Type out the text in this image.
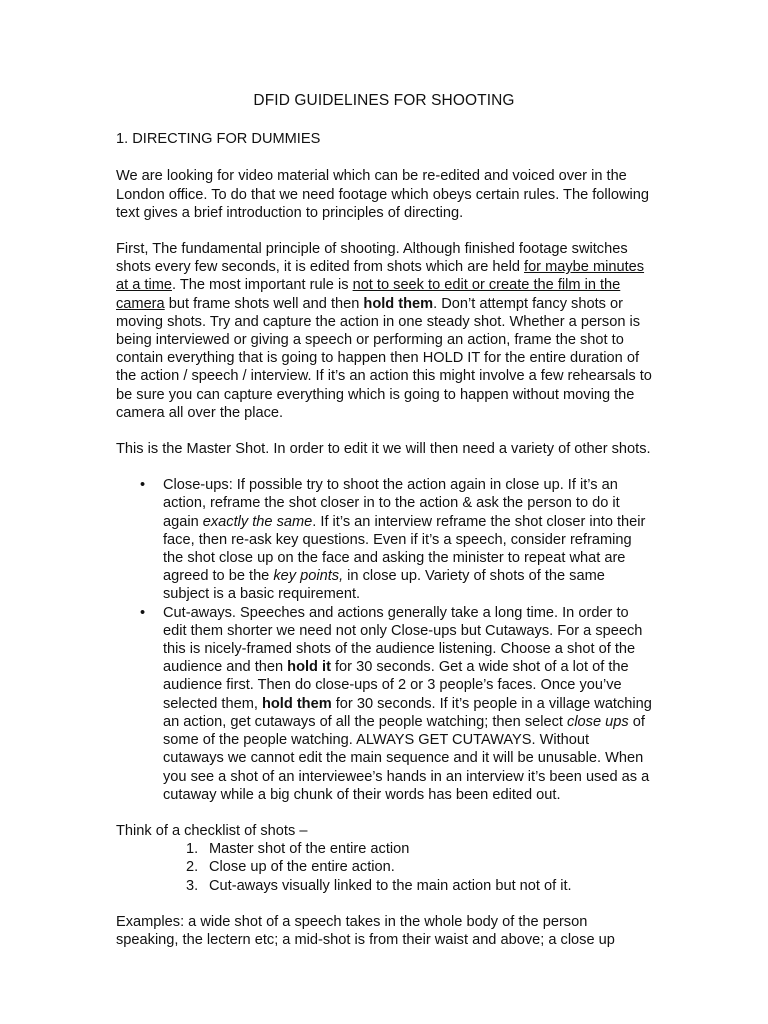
DFID GUIDELINES FOR SHOOTING

1. DIRECTING FOR DUMMIES

We are looking for video material which can be re-edited and voiced over in the London office. To do that we need footage which obeys certain rules. The following text gives a brief introduction to principles of directing.

First, The fundamental principle of shooting. Although finished footage switches shots every few seconds, it is edited from shots which are held for maybe minutes at a time. The most important rule is not to seek to edit or create the film in the camera but frame shots well and then hold them. Don’t attempt fancy shots or moving shots. Try and capture the action in one steady shot. Whether a person is being interviewed or giving a speech or performing an action, frame the shot to contain everything that is going to happen then HOLD IT for the entire duration of the action / speech / interview. If it’s an action this might involve a few rehearsals to be sure you can capture everything which is going to happen without moving the camera all over the place.

This is the Master Shot. In order to edit it we will then need a variety of other shots.

• Close-ups: If possible try to shoot the action again in close up. If it’s an action, reframe the shot closer in to the action & ask the person to do it again exactly the same. If it’s an interview reframe the shot closer into their face, then re-ask key questions. Even if it’s a speech, consider reframing the shot close up on the face and asking the minister to repeat what are agreed to be the key points, in close up. Variety of shots of the same subject is a basic requirement.
• Cut-aways. Speeches and actions generally take a long time. In order to edit them shorter we need not only Close-ups but Cutaways. For a speech this is nicely-framed shots of the audience listening. Choose a shot of the audience and then hold it for 30 seconds. Get a wide shot of a lot of the audience first. Then do close-ups of 2 or 3 people’s faces. Once you’ve selected them, hold them for 30 seconds. If it’s people in a village watching an action, get cutaways of all the people watching; then select close ups of some of the people watching. ALWAYS GET CUTAWAYS. Without cutaways we cannot edit the main sequence and it will be unusable. When you see a shot of an interviewee’s hands in an interview it’s been used as a cutaway while a big chunk of their words has been edited out.

Think of a checklist of shots –

1. Master shot of the entire action
2. Close up of the entire action.
3. Cut-aways visually linked to the main action but not of it.

Examples: a wide shot of a speech takes in the whole body of the person speaking, the lectern etc; a mid-shot is from their waist and above; a close up
